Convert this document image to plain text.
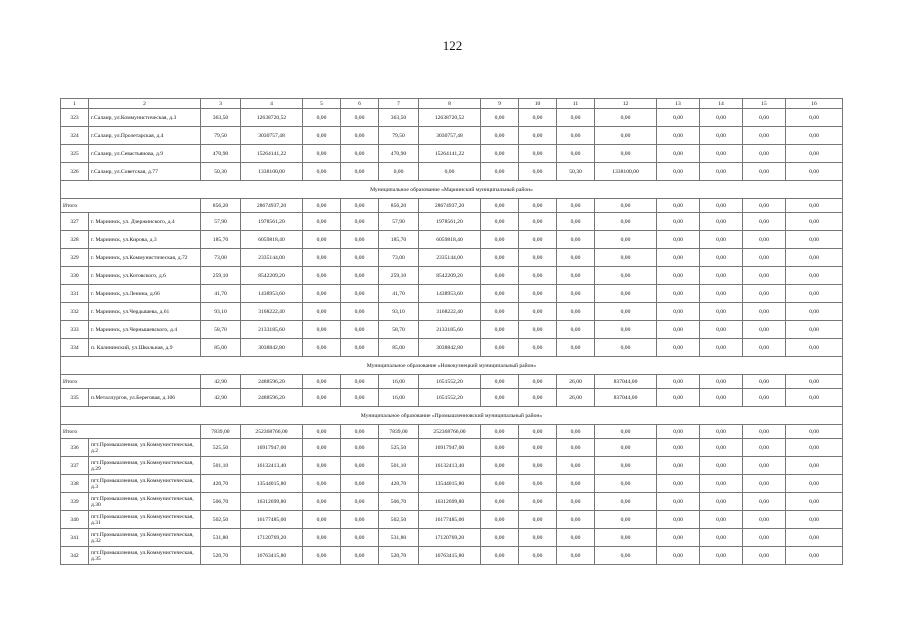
122
1	2	3	4	5	6	7	8	9	10	11	12	13	14	15	16
323	г.Салаир, ул.Коммунистическая, д.3	363,50	12638720,52	0,00	0,00	363,50	12638720,52	0,00	0,00	0,00	0,00	0,00	0,00	0,00	0,00
324	г.Салаир, ул.Пролетарская, д.4	79,50	3030757,48	0,00	0,00	79,50	3030757,48	0,00	0,00	0,00	0,00	0,00	0,00	0,00	0,00
325	г.Салаир, ул.Севастьянова, д.9	470,90	15264141,22	0,00	0,00	470,90	15264141,22	0,00	0,00	0,00	0,00	0,00	0,00	0,00	0,00
326	г.Салаир, ул.Советская, д.77	50,30	1338100,00	0,00	0,00	0,00	0,00	0,00	0,00	50,30	1338100,00	0,00	0,00	0,00	0,00
Муниципальное образование «Мариинский муниципальный район»															
Итого		856,20	28674937,20	0,00	0,00	856,20	28674937,20	0,00	0,00	0,00	0,00	0,00	0,00	0,00	0,00
327	г. Мариинск, ул. Дзержинского, д.4	57,90	1978561,20	0,00	0,00	57,90	1978561,20	0,00	0,00	0,00	0,00	0,00	0,00	0,00	0,00
328	г. Мариинск, ул.Кирова, д.3	185,70	6059818,40	0,00	0,00	185,70	6059818,40	0,00	0,00	0,00	0,00	0,00	0,00	0,00	0,00
329	г. Мариинск, ул.Коммунистическая, д.72	73,00	2335144,00	0,00	0,00	73,00	2335144,00	0,00	0,00	0,00	0,00	0,00	0,00	0,00	0,00
330	г. Мариинск, ул.Котовского, д.6	259,10	8542209,20	0,00	0,00	259,10	8542209,20	0,00	0,00	0,00	0,00	0,00	0,00	0,00	0,00
331	г. Мариинск, ул.Ленина, д.66	41,70	1438953,60	0,00	0,00	41,70	1438953,60	0,00	0,00	0,00	0,00	0,00	0,00	0,00	0,00
332	г. Мариинск, ул.Чердышева, д.61	93,10	3168222,40	0,00	0,00	93,10	3168222,40	0,00	0,00	0,00	0,00	0,00	0,00	0,00	0,00
333	г. Мариинск, ул.Чернышевского, д.4	58,70	2133185,60	0,00	0,00	58,70	2133185,60	0,00	0,00	0,00	0,00	0,00	0,00	0,00	0,00
334	п. Калининский, ул.Школьная, д.9	85,00	3038842,80	0,00	0,00	85,00	3038842,80	0,00	0,00	0,00	0,00	0,00	0,00	0,00	0,00
Муниципальное образование «Новокузнецкий муниципальный район»															
Итого		42,90	2488596,20	0,00	0,00	16,00	1651552,20	0,00	0,00	26,00	837044,00	0,00	0,00	0,00	0,00
335	п.Металлургов, ул.Береговая, д.106	42,90	2488596,20	0,00	0,00	16,00	1651552,20	0,00	0,00	26,00	837044,00	0,00	0,00	0,00	0,00
Муниципальное образование «Промышленновский муниципальный район»															
Итого		7839,00	252368766,00	0,00	0,00	7839,00	252368766,00	0,00	0,00	0,00	0,00	0,00	0,00	0,00	0,00
336	пгт.Промышленная, ул.Коммунистическая, д.2	525,50	16917947,00	0,00	0,00	525,50	16917947,00	0,00	0,00	0,00	0,00	0,00	0,00	0,00	0,00
337	пгт.Промышленная, ул.Коммунистическая, д.29	501,10	16132413,40	0,00	0,00	501,10	16132413,40	0,00	0,00	0,00	0,00	0,00	0,00	0,00	0,00
338	пгт.Промышленная, ул.Коммунистическая, д.3	420,70	13544015,80	0,00	0,00	420,70	13544015,80	0,00	0,00	0,00	0,00	0,00	0,00	0,00	0,00
339	пгт.Промышленная, ул.Коммунистическая, д.30	506,70	16312699,80	0,00	0,00	506,70	16312699,80	0,00	0,00	0,00	0,00	0,00	0,00	0,00	0,00
340	пгт.Промышленная, ул.Коммунистическая, д.31	502,50	16177485,00	0,00	0,00	502,50	16177485,00	0,00	0,00	0,00	0,00	0,00	0,00	0,00	0,00
341	пгт.Промышленная, ул.Коммунистическая, д.32	531,80	17120769,20	0,00	0,00	531,80	17120769,20	0,00	0,00	0,00	0,00	0,00	0,00	0,00	0,00
342	пгт.Промышленная, ул.Коммунистическая, д.35	520,70	16763415,80	0,00	0,00	520,70	16763415,80	0,00	0,00	0,00	0,00	0,00	0,00	0,00	0,00
